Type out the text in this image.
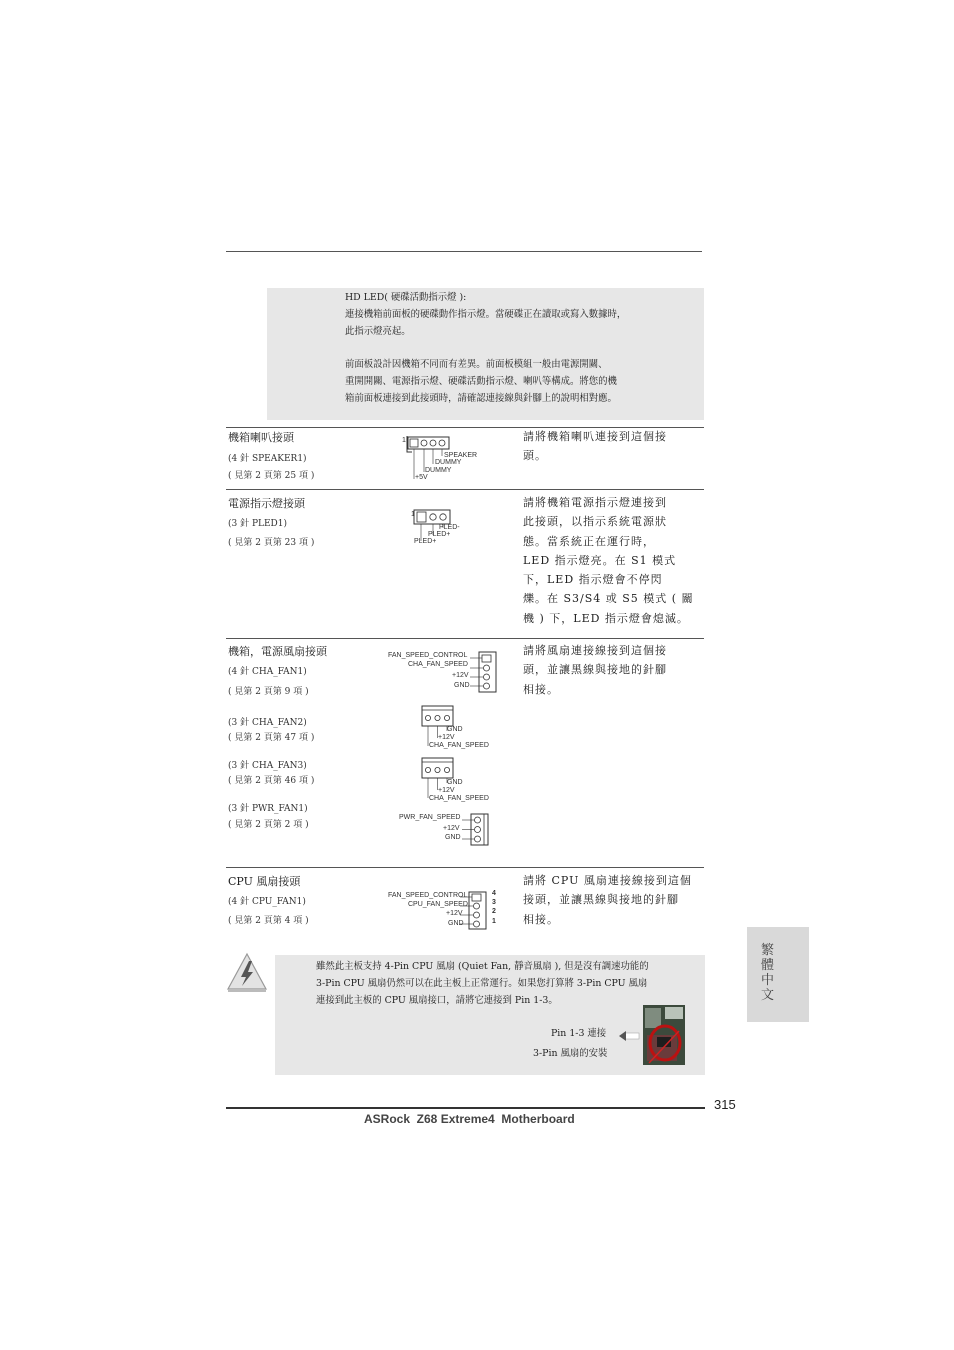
HD LED( 硬碟活動指示燈 ):
連接機箱前面板的硬碟動作指示燈。當硬碟正在讀取或寫入數據時，
此指示燈亮起。

前面板設計因機箱不同而有差異。前面板模組一般由電源開關、
重開開關、電源指示燈、硬碟活動指示燈、喇叭等構成。將您的機
箱前面板連接到此接頭時，請確認連接線與針腳上的說明相對應。
機箱喇叭接頭
(4 針 SPEAKER1)
( 見第 2 頁第 25 項 )
請將機箱喇叭連接到這個接
頭。
1
SPEAKER
DUMMY
DUMMY
+5V
電源指示燈接頭
(3 針 PLED1)
( 見第 2 頁第 23 項 )
請將機箱電源指示燈連接到
此接頭，以指示系統電源狀
態。當系統正在運行時，
LED 指示燈亮。在 S1 模式
下，LED 指示燈會不停閃
爍。在 S3/S4 或 S5 模式 ( 關
機 ) 下，LED 指示燈會熄滅。
1
PLED-
PLED+
PLED+
機箱，電源風扇接頭	請將風扇連接線接到這個接
頭，並讓黑線與接地的針腳
相接。
(4 針 CHA_FAN1)
( 見第 2 頁第 9 項 )
FAN_SPEED_CONTROL
CHA_FAN_SPEED
+12V
GND
(3 針 CHA_FAN2)
( 見第 2 頁第 47 項 )
GND
+12V
CHA_FAN_SPEED
(3 針 CHA_FAN3)
( 見第 2 頁第 46 項 )	GND
+12V
CHA_FAN_SPEED
(3 針 PWR_FAN1)
( 見第 2 頁第 2 項 )
PWR_FAN_SPEED
+12V
GND
CPU 風扇接頭
(4 針 CPU_FAN1)
( 見第 2 頁第 4 項 )
請將 CPU 風扇連接線接到這個
接頭，並讓黑線與接地的針腳
相接。
FAN_SPEED_CONTROL
CPU_FAN_SPEED
+12V
GND
4
3
2
1
雖然此主板支持 4-Pin CPU 風扇 (Quiet Fan, 靜音風扇 ), 但是沒有調速功能的
3-Pin CPU 風扇仍然可以在此主板上正常運行。如果您打算將 3-Pin CPU 風扇
連接到此主板的 CPU 風扇接口，請將它連接到 Pin 1-3。
Pin 1-3 連接
3-Pin 風扇的安裝
繁體中文
315
ASRock  Z68 Extreme4  Motherboard
